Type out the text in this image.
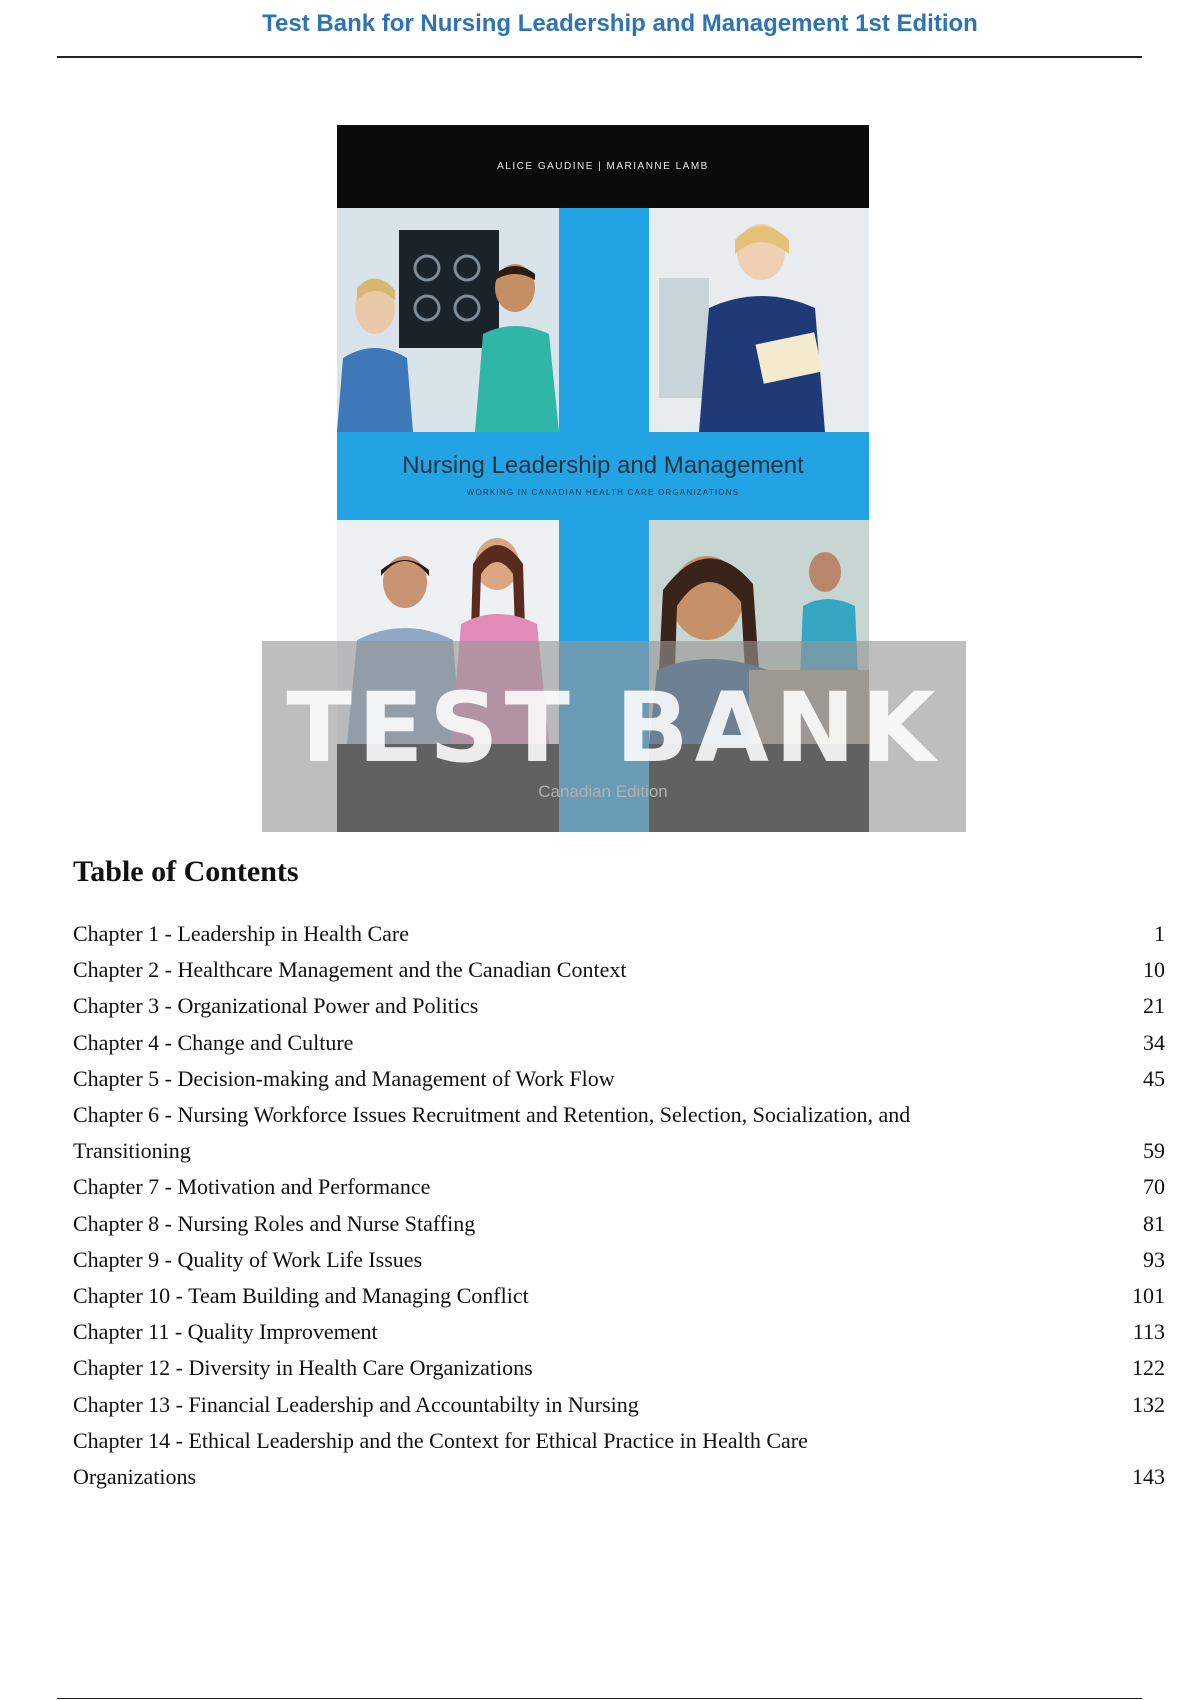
Test Bank for Nursing Leadership and Management 1st Edition
ALICE GAUDINE | MARIANNE LAMB
Nursing Leadership and Management
WORKING IN CANADIAN HEALTH CARE ORGANIZATIONS
TEST BANK
Table of Contents
Chapter 1 - Leadership in Health Care	1
Chapter 2 - Healthcare Management and the Canadian Context	10
Chapter 3 - Organizational Power and Politics	21
Chapter 4 - Change and Culture	34
Chapter 5 - Decision-making and Management of Work Flow	45
Chapter 6 - Nursing Workforce Issues Recruitment and Retention, Selection, Socialization, and Transitioning	59
Chapter 7 - Motivation and Performance	70
Chapter 8 - Nursing Roles and Nurse Staffing	81
Chapter 9 - Quality of Work Life Issues	93
Chapter 10 - Team Building and Managing Conflict	101
Chapter 11 - Quality Improvement	113
Chapter 12 - Diversity in Health Care Organizations	122
Chapter 13 - Financial Leadership and Accountabilty in Nursing	132
Chapter 14 - Ethical Leadership and the Context for Ethical Practice in Health Care Organizations	143
